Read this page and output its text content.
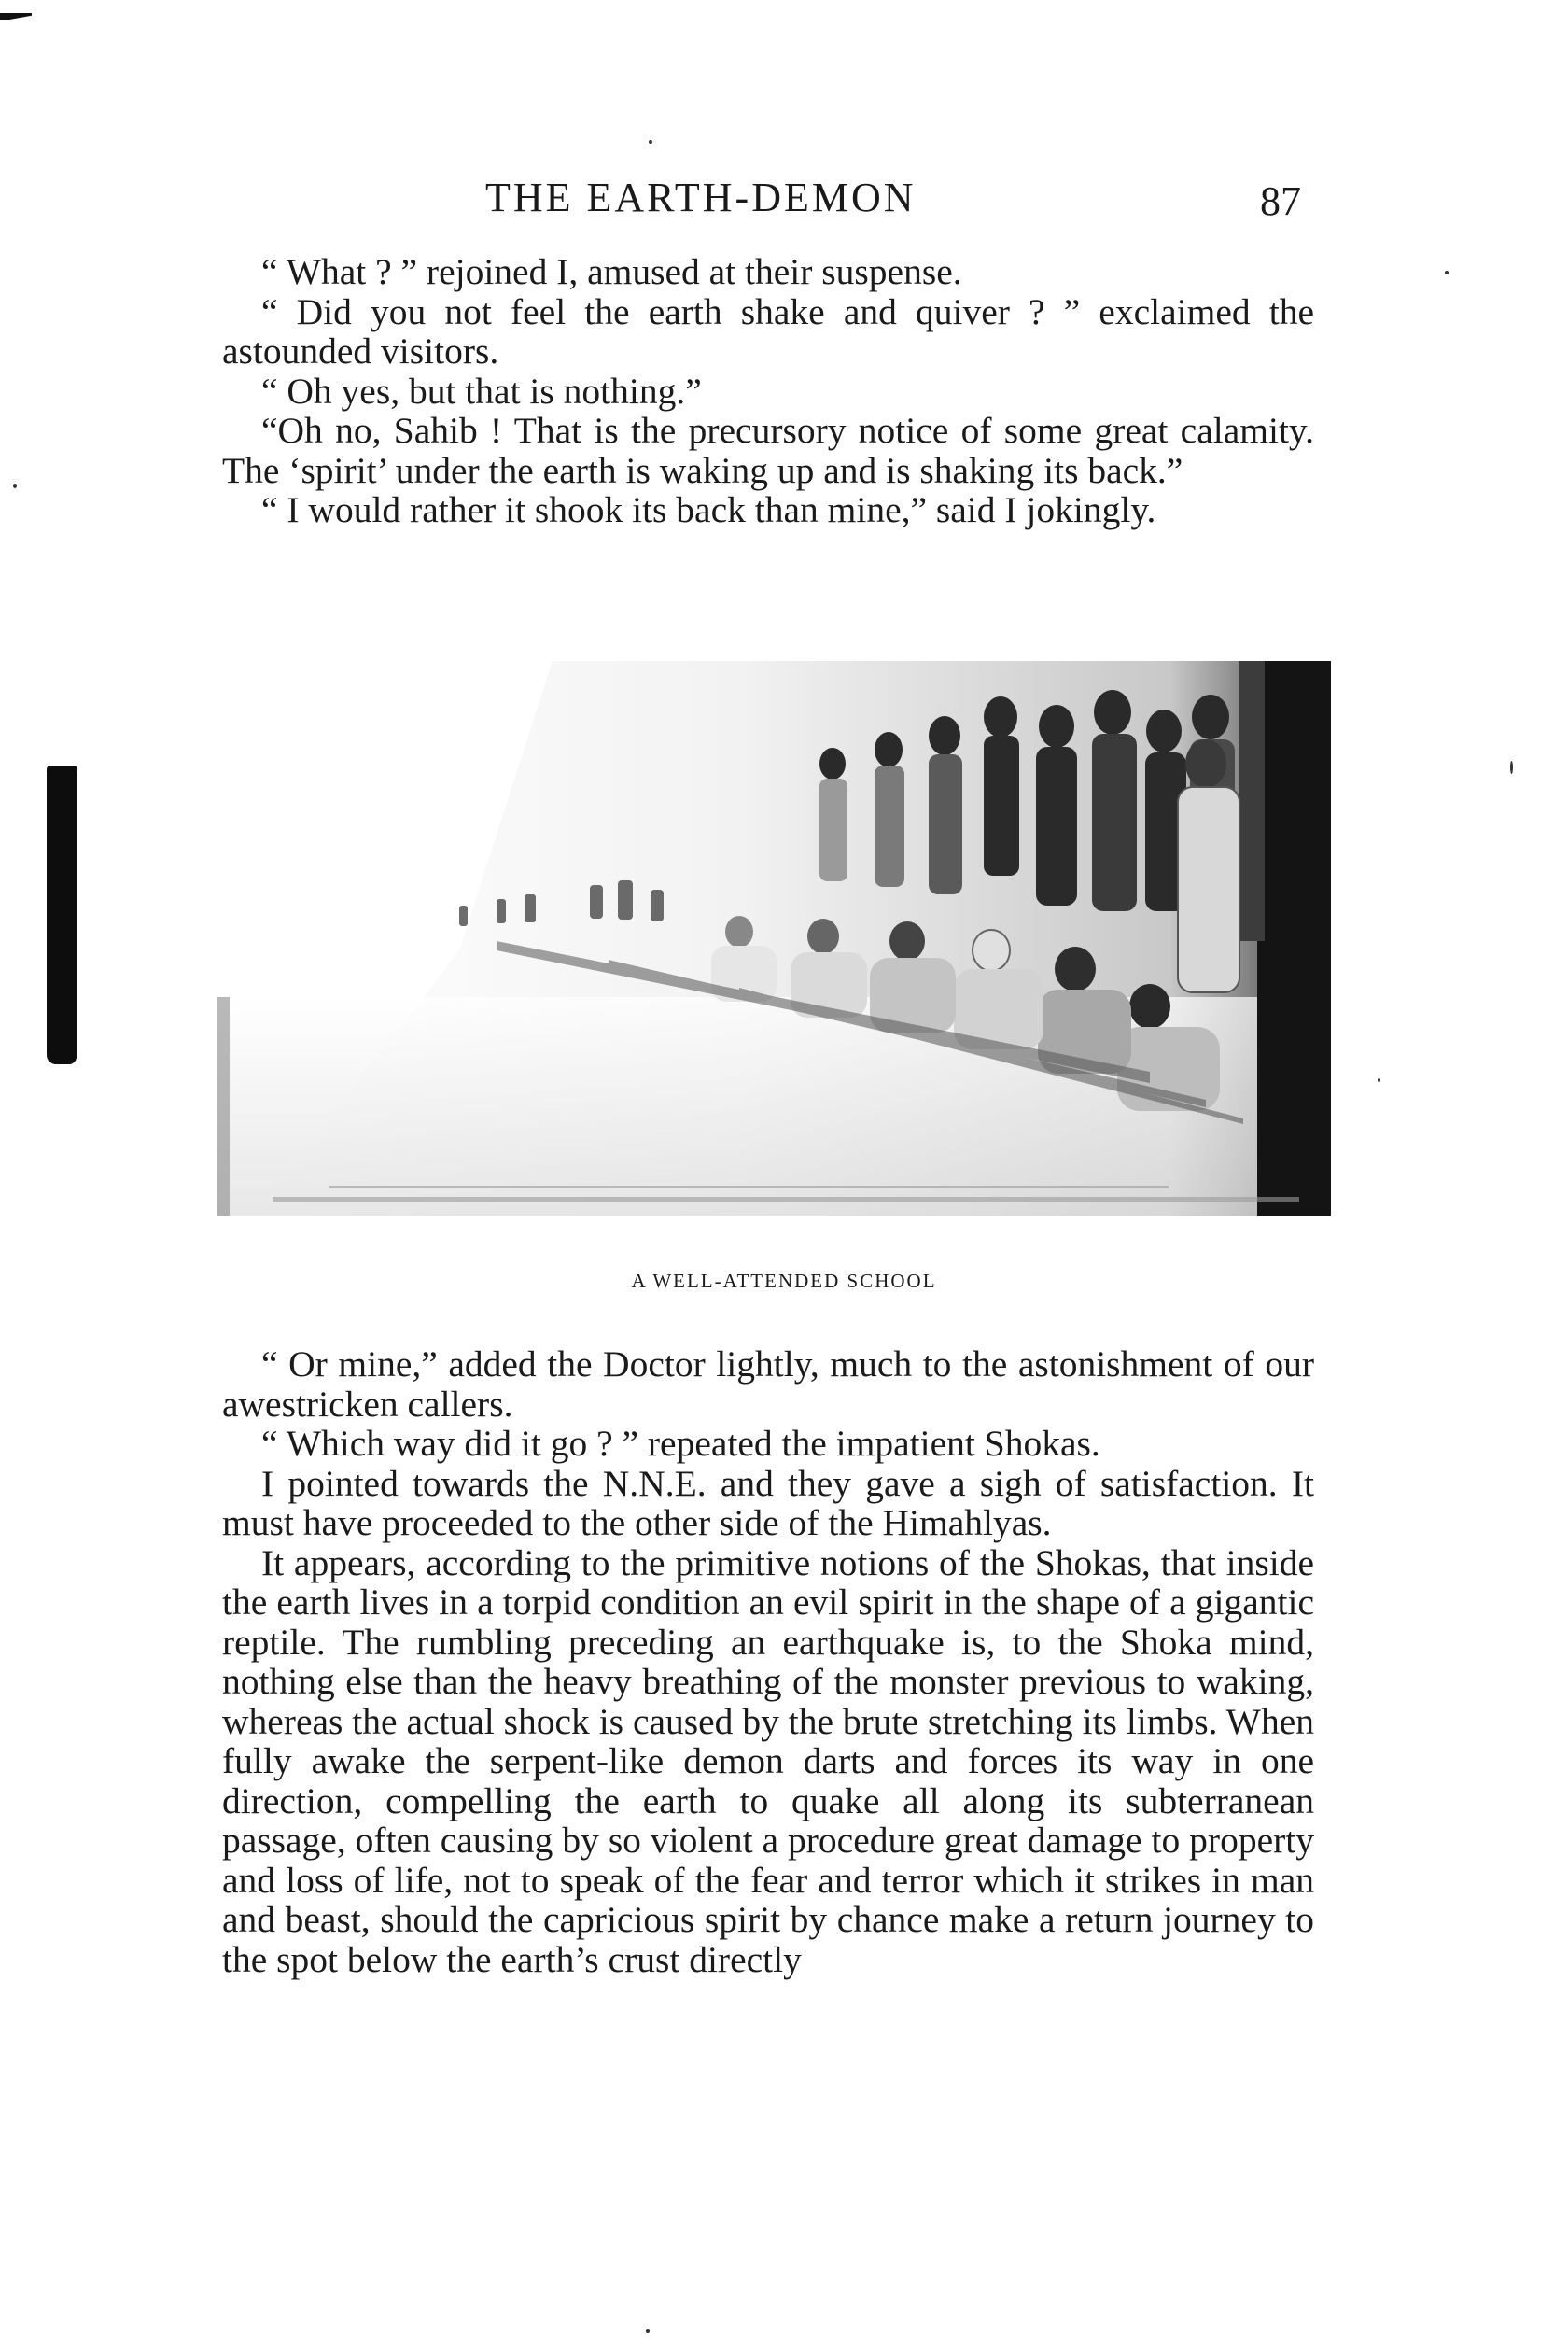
THE EARTH-DEMON	87

“ What ? ” rejoined I, amused at their suspense.

“ Did you not feel the earth shake and quiver ? ” exclaimed the astounded visitors.

“ Oh yes, but that is nothing.”

“Oh no, Sahib ! That is the precursory notice of some great calamity. The ‘spirit’ under the earth is waking up and is shaking its back.”

“ I would rather it shook its back than mine,” said I jokingly.

A WELL-ATTENDED SCHOOL

“ Or mine,” added the Doctor lightly, much to the astonishment of our awestricken callers.

“ Which way did it go ? ” repeated the impatient Shokas.

I pointed towards the N.N.E. and they gave a sigh of satisfaction. It must have proceeded to the other side of the Himahlyas.

It appears, according to the primitive notions of the Shokas, that inside the earth lives in a torpid condition an evil spirit in the shape of a gigantic reptile. The rumbling preceding an earthquake is, to the Shoka mind, nothing else than the heavy breathing of the monster previous to waking, whereas the actual shock is caused by the brute stretching its limbs. When fully awake the serpent-like demon darts and forces its way in one direction, compelling the earth to quake all along its subterranean passage, often causing by so violent a procedure great damage to property and loss of life, not to speak of the fear and terror which it strikes in man and beast, should the capricious spirit by chance make a return journey to the spot below the earth’s crust directly
